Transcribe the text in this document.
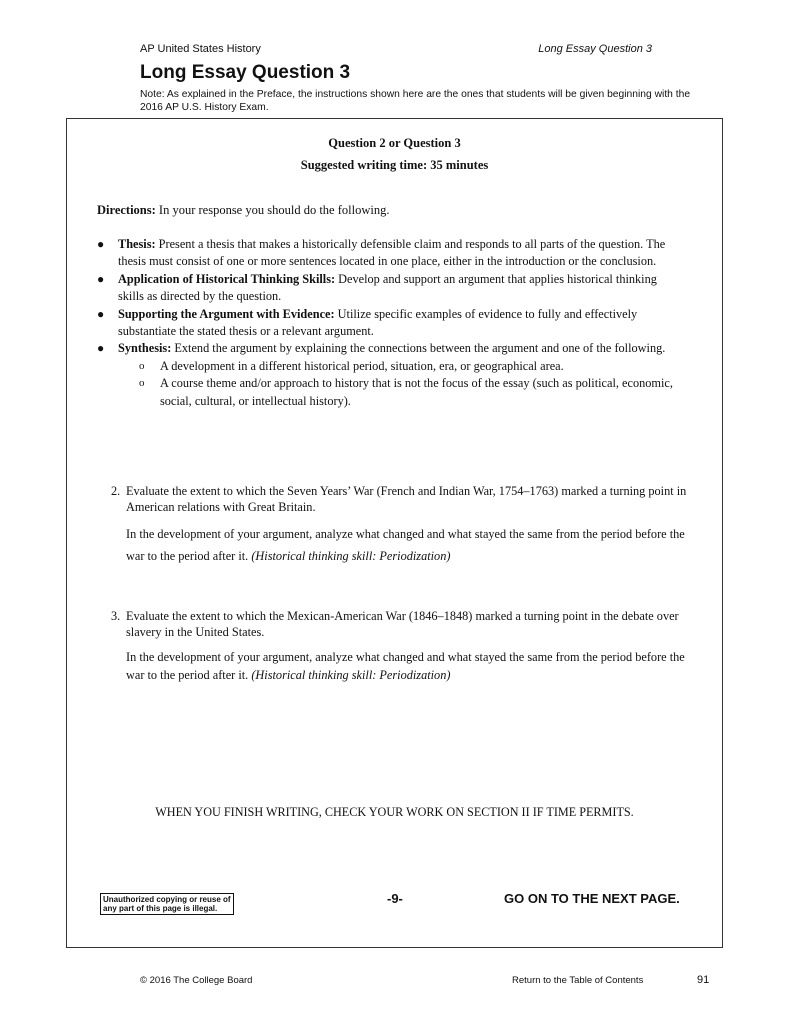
AP United States History	Long Essay Question 3
Long Essay Question 3
Note: As explained in the Preface, the instructions shown here are the ones that students will be given beginning with the 2016 AP U.S. History Exam.
Question 2 or Question 3
Suggested writing time: 35 minutes
Directions: In your response you should do the following.
● Thesis: Present a thesis that makes a historically defensible claim and responds to all parts of the question. The thesis must consist of one or more sentences located in one place, either in the introduction or the conclusion.
● Application of Historical Thinking Skills: Develop and support an argument that applies historical thinking skills as directed by the question.
● Supporting the Argument with Evidence: Utilize specific examples of evidence to fully and effectively substantiate the stated thesis or a relevant argument.
● Synthesis: Extend the argument by explaining the connections between the argument and one of the following.
o A development in a different historical period, situation, era, or geographical area.
o A course theme and/or approach to history that is not the focus of the essay (such as political, economic, social, cultural, or intellectual history).
2. Evaluate the extent to which the Seven Years’ War (French and Indian War, 1754–1763) marked a turning point in American relations with Great Britain.
In the development of your argument, analyze what changed and what stayed the same from the period before the war to the period after it. (Historical thinking skill: Periodization)
3. Evaluate the extent to which the Mexican-American War (1846–1848) marked a turning point in the debate over slavery in the United States.
In the development of your argument, analyze what changed and what stayed the same from the period before the war to the period after it. (Historical thinking skill: Periodization)
WHEN YOU FINISH WRITING, CHECK YOUR WORK ON SECTION II IF TIME PERMITS.
Unauthorized copying or reuse of any part of this page is illegal.
-9-	GO ON TO THE NEXT PAGE.
© 2016 The College Board	Return to the Table of Contents	91
